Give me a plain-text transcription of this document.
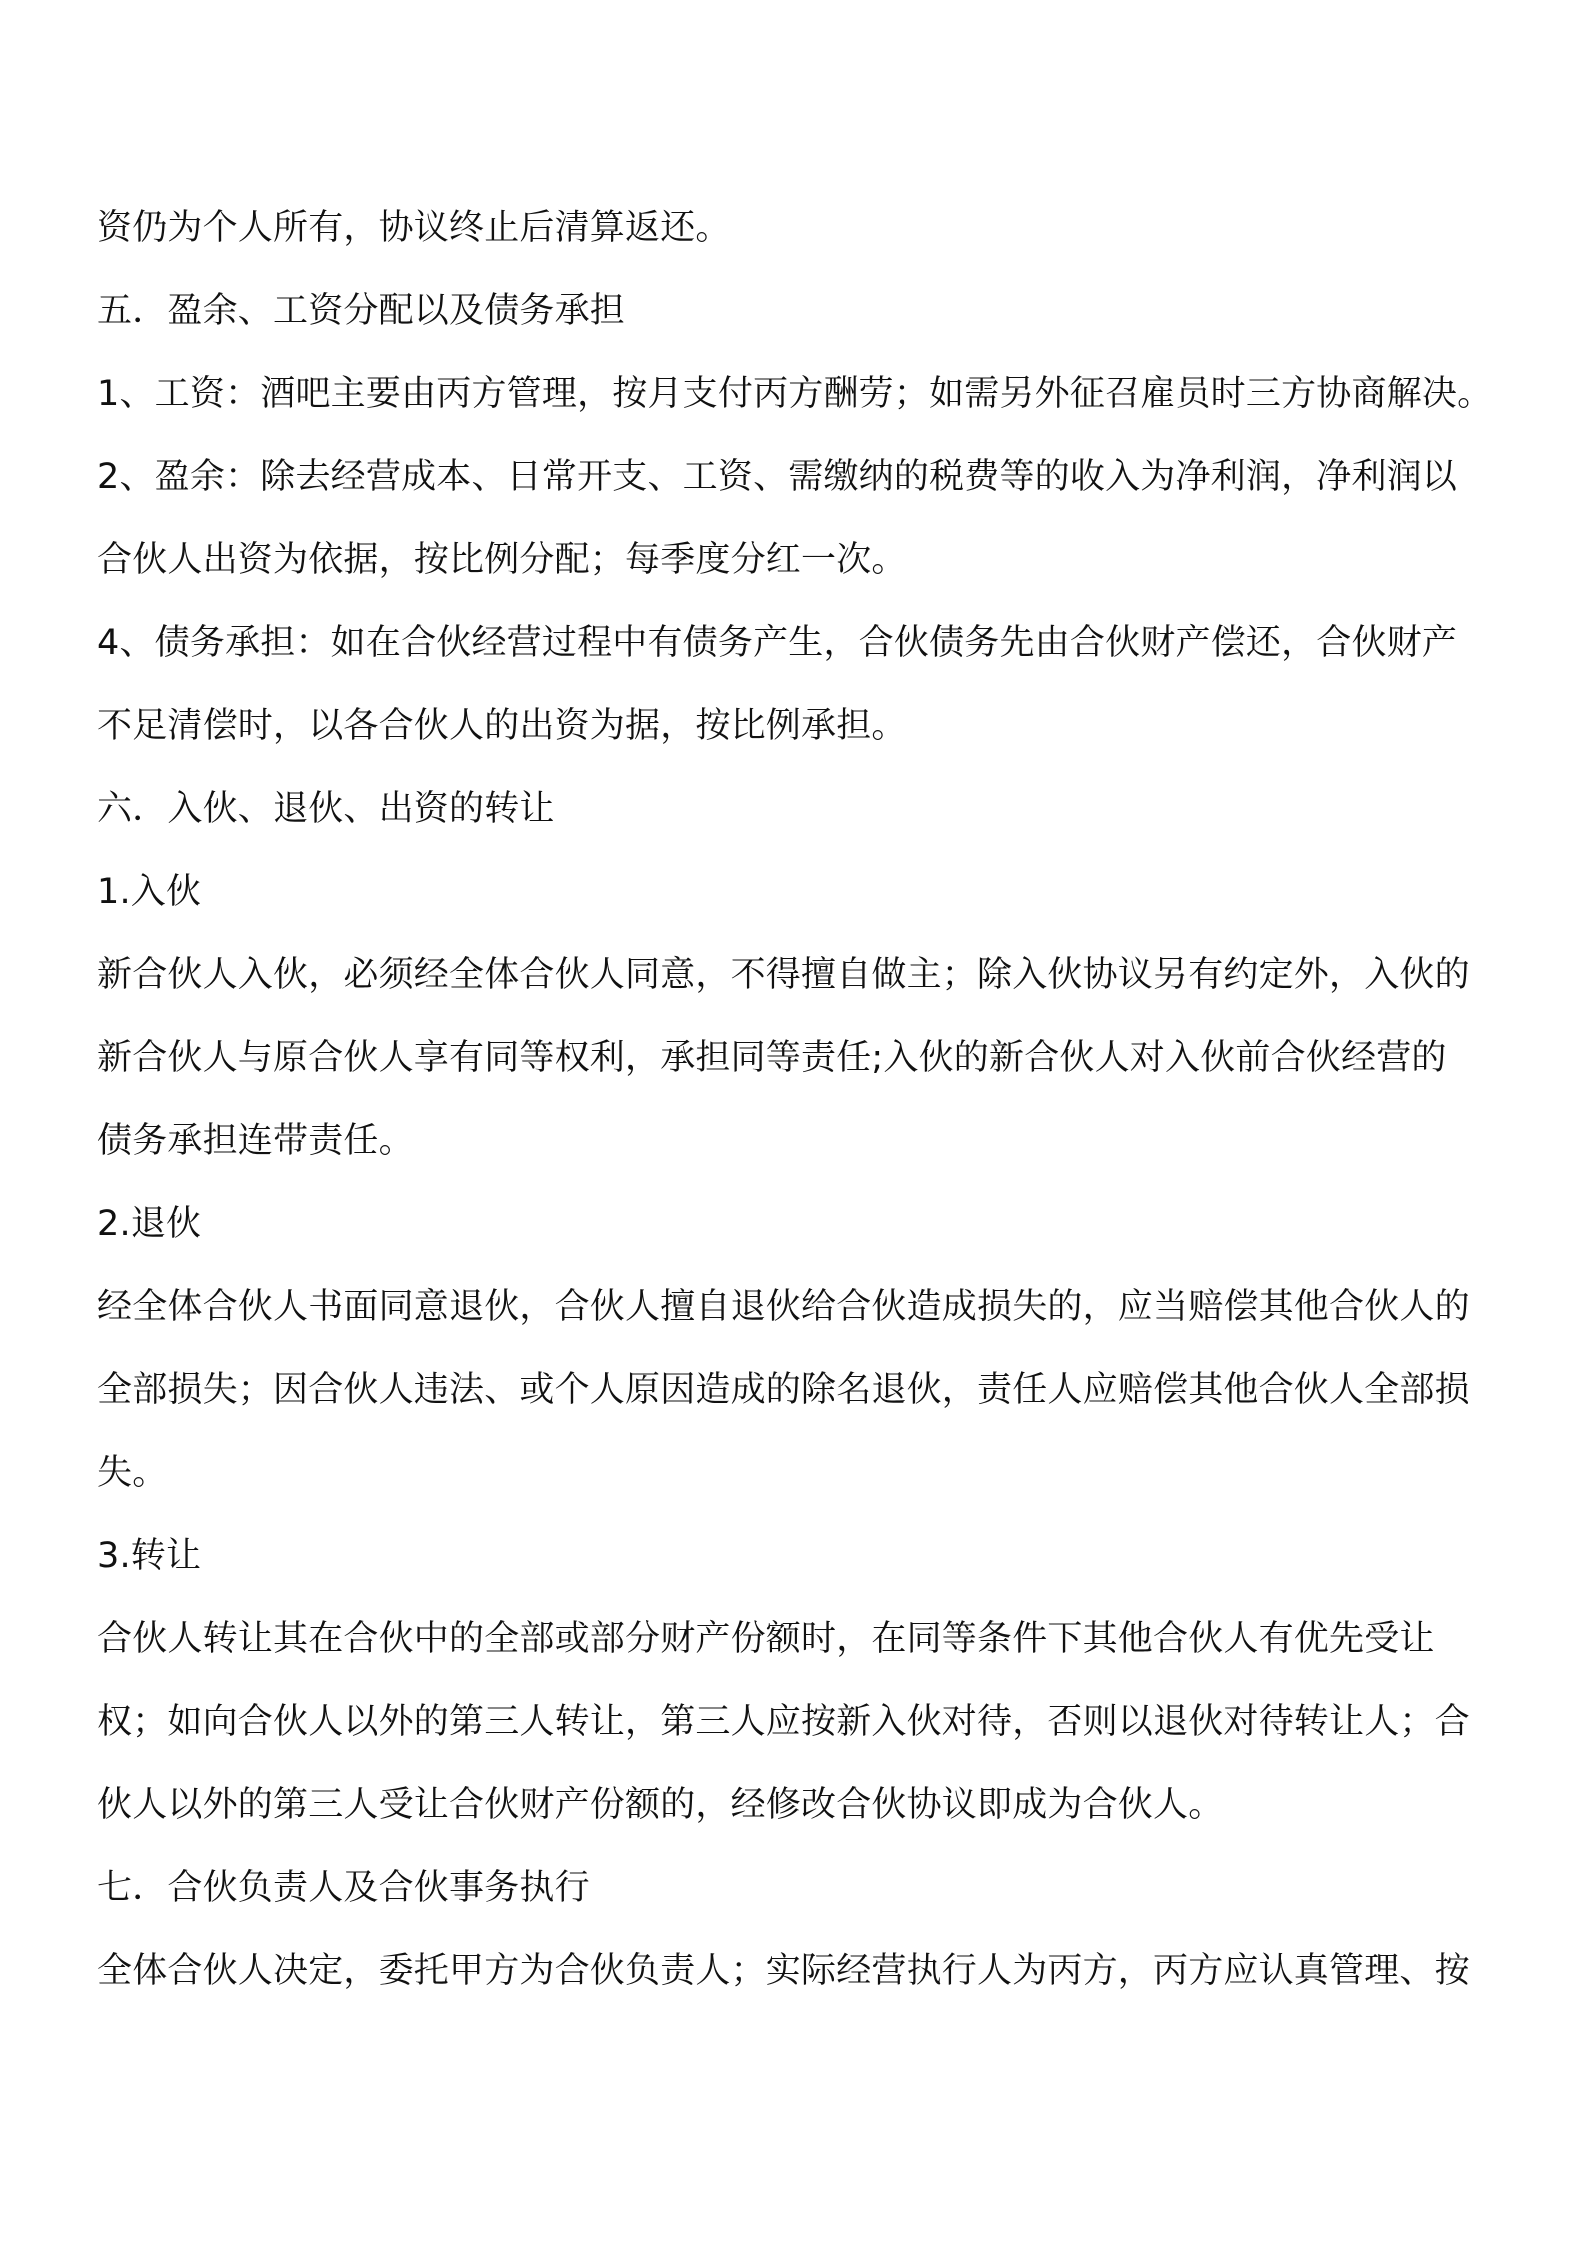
资仍为个人所有，协议终止后清算返还。
五．盈余、工资分配以及债务承担
1、工资：酒吧主要由丙方管理，按月支付丙方酬劳；如需另外征召雇员时三方协商解决。
2、盈余：除去经营成本、日常开支、工资、需缴纳的税费等的收入为净利润，净利润以
合伙人出资为依据，按比例分配；每季度分红一次。
4、债务承担：如在合伙经营过程中有债务产生，合伙债务先由合伙财产偿还，合伙财产
不足清偿时，以各合伙人的出资为据，按比例承担。
六．入伙、退伙、出资的转让
1.入伙
新合伙人入伙，必须经全体合伙人同意，不得擅自做主；除入伙协议另有约定外，入伙的
新合伙人与原合伙人享有同等权利，承担同等责任;入伙的新合伙人对入伙前合伙经营的
债务承担连带责任。
2.退伙
经全体合伙人书面同意退伙，合伙人擅自退伙给合伙造成损失的，应当赔偿其他合伙人的
全部损失；因合伙人违法、或个人原因造成的除名退伙，责任人应赔偿其他合伙人全部损
失。
3.转让
合伙人转让其在合伙中的全部或部分财产份额时，在同等条件下其他合伙人有优先受让
权；如向合伙人以外的第三人转让，第三人应按新入伙对待，否则以退伙对待转让人；合
伙人以外的第三人受让合伙财产份额的，经修改合伙协议即成为合伙人。
七．合伙负责人及合伙事务执行
全体合伙人决定，委托甲方为合伙负责人；实际经营执行人为丙方，丙方应认真管理、按
